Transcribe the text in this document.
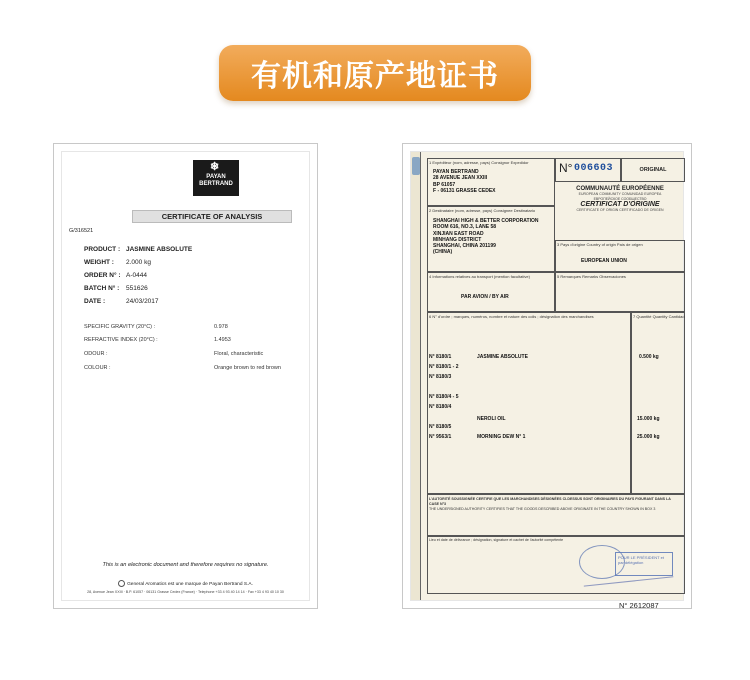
有机和原产地证书
❄
PAYAN
BERTRAND
CERTIFICATE OF ANALYSIS
G/316521
PRODUCT : JASMINE ABSOLUTE
WEIGHT : 2.000 kg
ORDER N° : A-0444
BATCH N° : 551626
DATE :	24/03/2017
SPECIFIC GRAVITY (20°C) :	0.978
REFRACTIVE INDEX (20°C) :	1.4953
ODOUR :	Floral, characteristic
COLOUR :	Orange brown to red brown
This is an electronic document and therefore requires no signature.
General Aromatics est une marque de Payan Bertrand S.A.
28, Avenue Jean XXIII · B.P. 61057 · 06131 Grasse Cedex (France) · Telephone +33 4 93 40 14 14 · Fax +33 4 93 40 10 30
1 Expéditeur (nom, adresse, pays) Consignor Expedidor
PAYAN BERTRAND
28 AVENUE JEAN XXIII
BP 61057
F - 06131 GRASSE CEDEX
N° 006603	ORIGINAL
COMMUNAUTÉ EUROPÉENNE
EUROPEAN COMMUNITY COMUNIDAD EUROPEA
ЕВРОПЕЙСКОЕ СООБЩЕСТВО
CERTIFICAT D'ORIGINE
CERTIFICATE OF ORIGIN CERTIFICADO DE ORIGEN
2 Destinataire (nom, adresse, pays) Consignee Destinatario
SHANGHAI HIGH & BETTER CORPORATION
ROOM 616, NO.3, LANE 58
XINJIAN EAST ROAD
MINHANG DISTRICT
SHANGHAI, CHINA 201199
(CHINA)
3 Pays d'origine Country of origin País de origen
EUROPEAN UNION
4 Informations relatives au transport (mention facultative)
PAR AVION / BY AIR
5 Remarques Remarks Observaciones
6 N° d'ordre ; marques, numéros, nombre et nature des colis ; désignation des marchandises	7 Quantité Quantity Cantidad
N° 8180/1	JASMINE ABSOLUTE	0.500 kg
N° 8180/1 - 2
N° 8180/3
N° 8180/4 - 5
N° 8180/4
NEROLI OIL	15.000 kg
N° 8180/5
N° 9563/1	MORNING DEW N° 1	25.000 kg
L'AUTORITÉ SOUSSIGNÉE CERTIFIE QUE LES MARCHANDISES DÉSIGNÉES CI-DESSUS SONT ORIGINAIRES DU PAYS FIGURANT DANS LA CASE N°3
THE UNDERSIGNED AUTHORITY CERTIFIES THAT THE GOODS DESCRIBED ABOVE ORIGINATE IN THE COUNTRY SHOWN IN BOX 3
Lieu et date de délivrance ; désignation, signature et cachet de l'autorité compétente
POUR LE PRÉSIDENT et par délégation
N° 2612087
